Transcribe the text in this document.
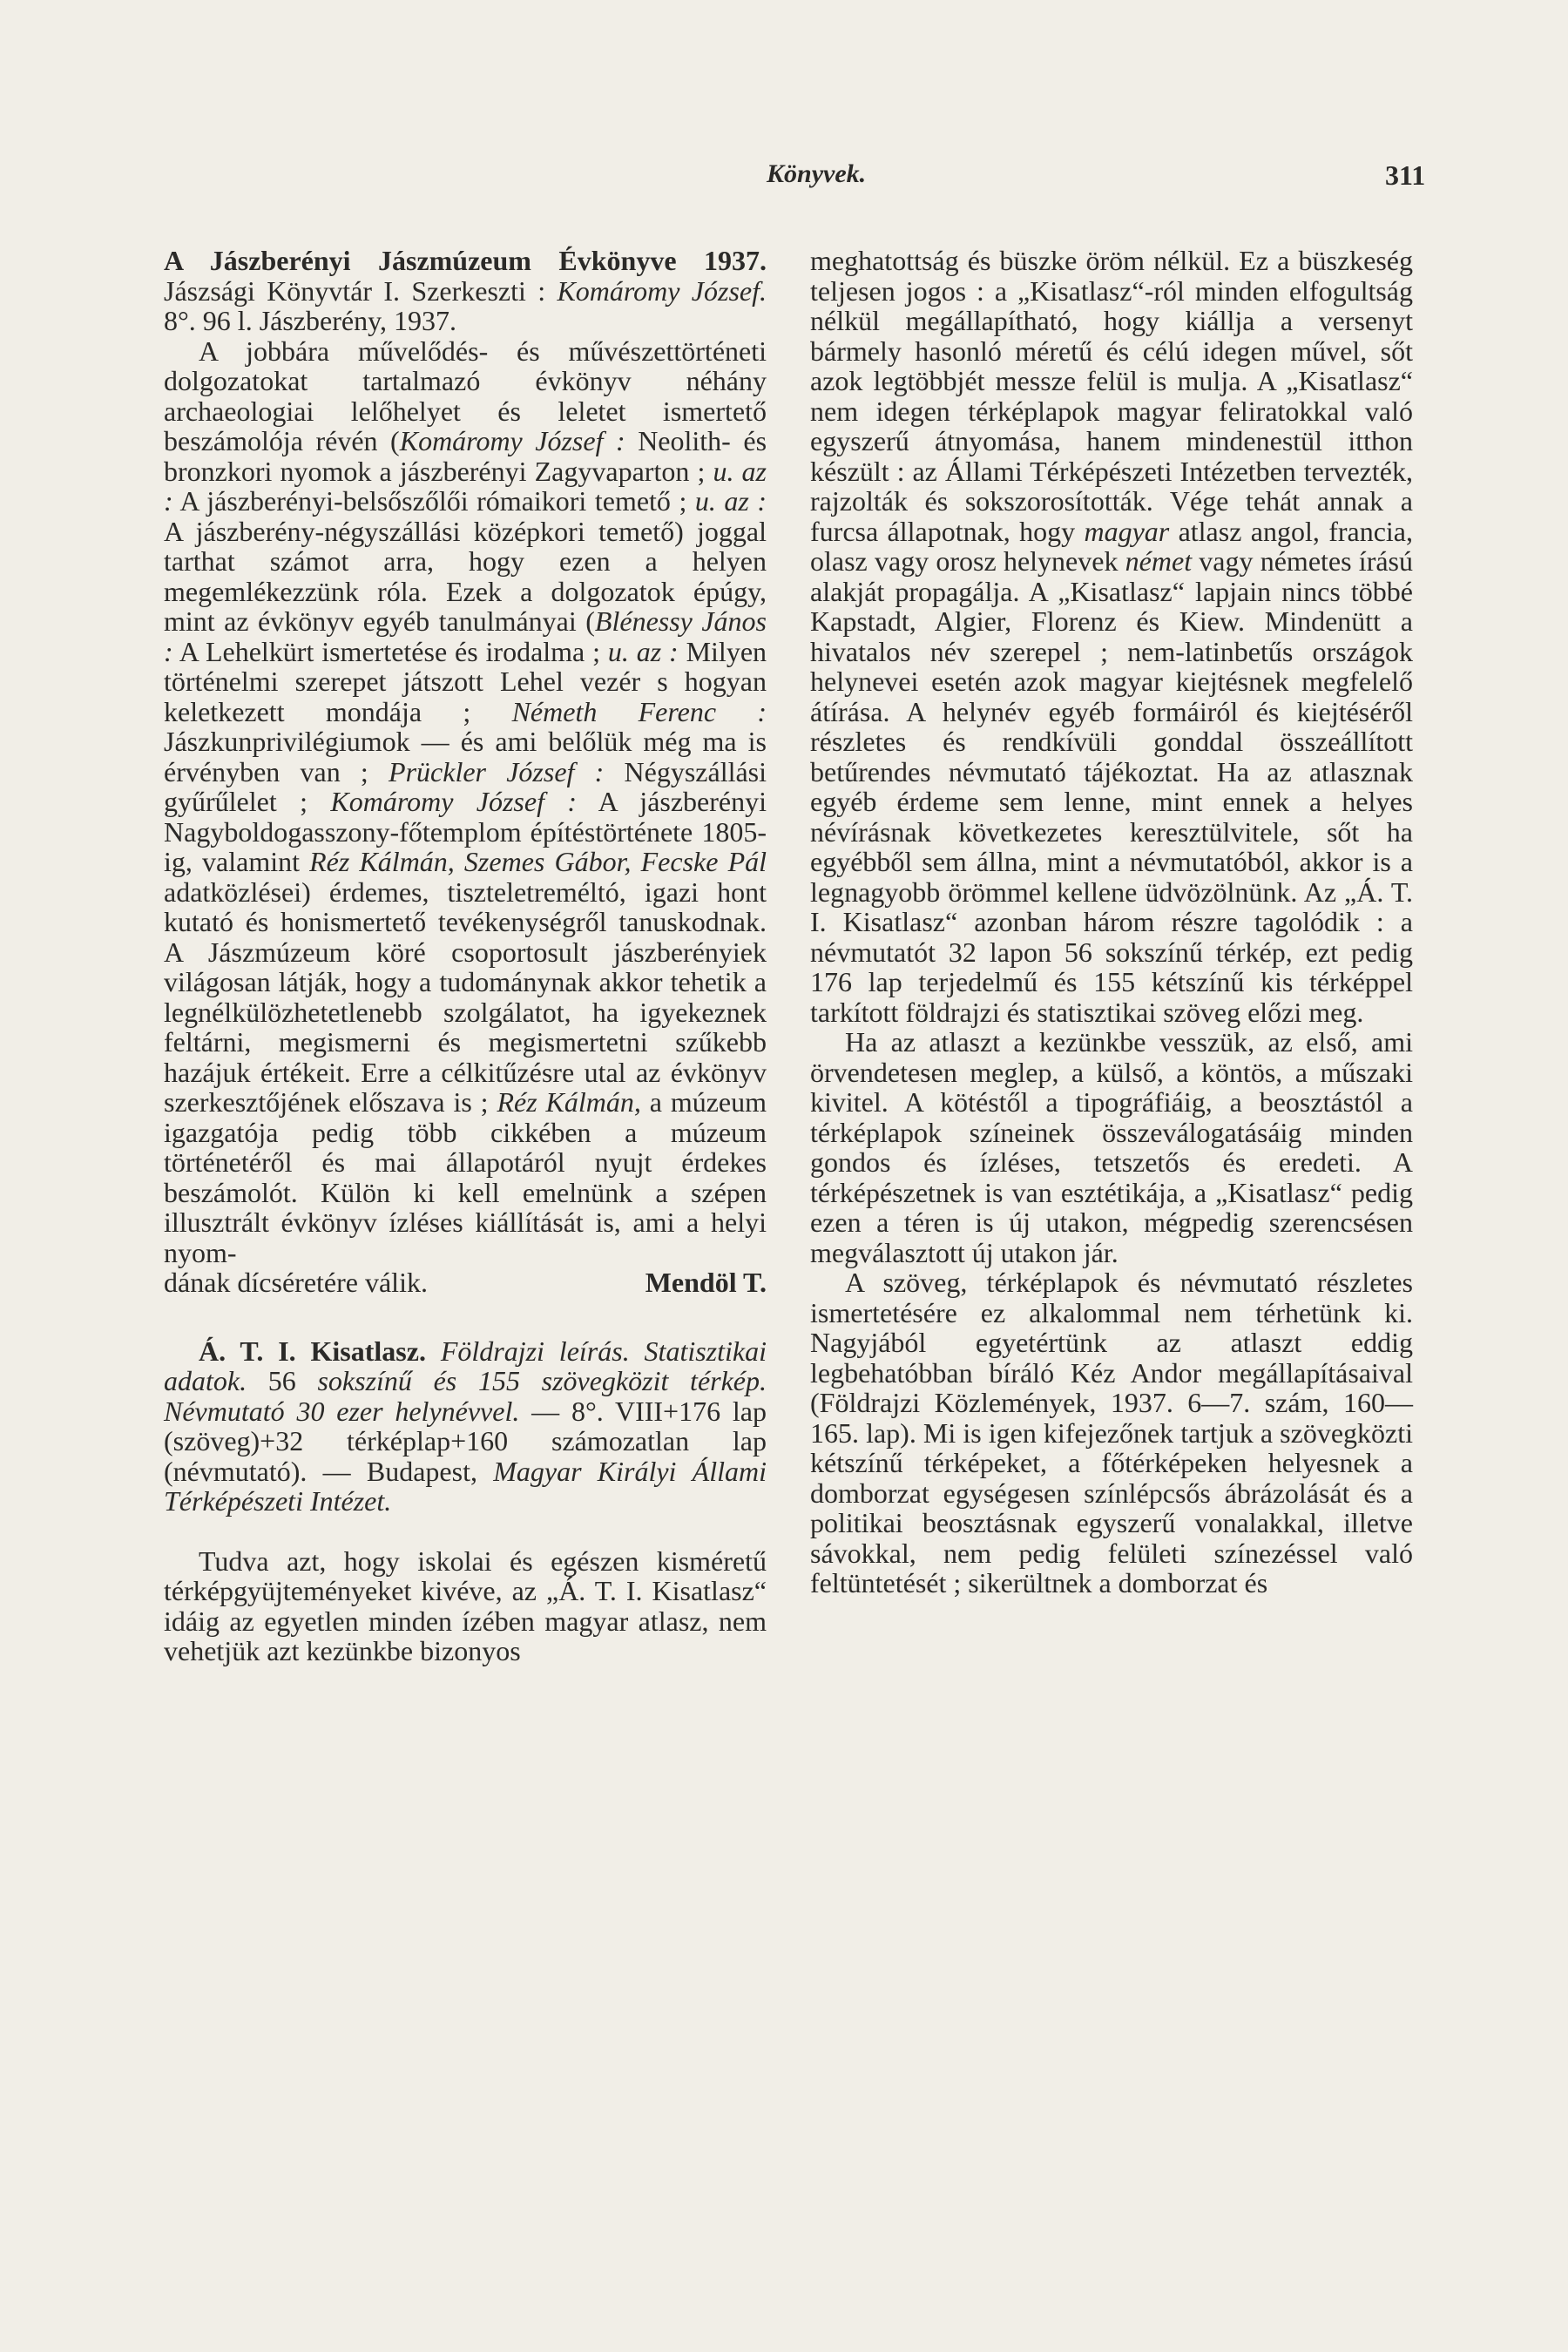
Könyvek.	311

A Jászberényi Jászmúzeum Évkönyve 1937. Jászsági Könyvtár I. Szerkeszti : Komáromy József. 8°. 96 l. Jászberény, 1937.

A jobbára művelődés- és művészettörténeti dolgozatokat tartalmazó évkönyv néhány archaeologiai lelőhelyet és leletet ismertető beszámolója révén (Komáromy József : Neolith- és bronzkori nyomok a jászberényi Zagyvaparton ; u. az : A jászberényi-belsőszőlői rómaikori temető ; u. az : A jászberény-négyszállási középkori temető) joggal tarthat számot arra, hogy ezen a helyen megemlékezzünk róla. Ezek a dolgozatok épúgy, mint az évkönyv egyéb tanulmányai (Blénessy János : A Lehelkürt ismertetése és irodalma ; u. az : Milyen történelmi szerepet játszott Lehel vezér s hogyan keletkezett mondája ; Németh Ferenc : Jászkunprivilégiumok — és ami belőlük még ma is érvényben van ; Prückler József : Négyszállási gyűrűlelet ; Komáromy József : A jászberényi Nagyboldogasszony-főtemplom építéstörténete 1805-ig, valamint Réz Kálmán, Szemes Gábor, Fecske Pál adatközlései) érdemes, tiszteletreméltó, igazi hont kutató és honismertető tevékenységről tanuskodnak. A Jászmúzeum köré csoportosult jászberényiek világosan látják, hogy a tudománynak akkor tehetik a legnélkülözhetetlenebb szolgálatot, ha igyekeznek feltárni, megismerni és megismertetni szűkebb hazájuk értékeit. Erre a célkitűzésre utal az évkönyv szerkesztőjének előszava is ; Réz Kálmán, a múzeum igazgatója pedig több cikkében a múzeum történetéről és mai állapotáról nyujt érdekes beszámolót. Külön ki kell emelnünk a szépen illusztrált évkönyv ízléses kiállítását is, ami a helyi nyom-

dának dícséretére válik.	Mendöl T.

Á. T. I. Kisatlasz. Földrajzi leírás. Statisztikai adatok. 56 sokszínű és 155 szövegközit térkép. Névmutató 30 ezer helynévvel. — 8°. VIII+176 lap (szöveg)+32 térképlap+160 számozatlan lap (névmutató). — Budapest, Magyar Királyi Állami Térképészeti Intézet.

Tudva azt, hogy iskolai és egészen kisméretű térképgyüjteményeket kivéve, az „Á. T. I. Kisatlasz“ idáig az egyetlen minden ízében magyar atlasz, nem vehetjük azt kezünkbe bizonyos

meghatottság és büszke öröm nélkül. Ez a büszkeség teljesen jogos : a „Kisatlasz“-ról minden elfogultság nélkül megállapítható, hogy kiállja a versenyt bármely hasonló méretű és célú idegen művel, sőt azok legtöbbjét messze felül is mulja. A „Kisatlasz“ nem idegen térképlapok magyar feliratokkal való egyszerű átnyomása, hanem mindenestül itthon készült : az Állami Térképészeti Intézetben tervezték, rajzolták és sokszorosították. Vége tehát annak a furcsa állapotnak, hogy magyar atlasz angol, francia, olasz vagy orosz helynevek német vagy németes írású alakját propagálja. A „Kisatlasz“ lapjain nincs többé Kapstadt, Algier, Florenz és Kiew. Mindenütt a hivatalos név szerepel ; nem-latinbetűs országok helynevei esetén azok magyar kiejtésnek megfelelő átírása. A helynév egyéb formáiról és kiejtéséről részletes és rendkívüli gonddal összeállított betűrendes névmutató tájékoztat. Ha az atlasznak egyéb érdeme sem lenne, mint ennek a helyes névírásnak következetes keresztülvitele, sőt ha egyébből sem állna, mint a névmutatóból, akkor is a legnagyobb örömmel kellene üdvözölnünk. Az „Á. T. I. Kisatlasz“ azonban három részre tagolódik : a névmutatót 32 lapon 56 sokszínű térkép, ezt pedig 176 lap terjedelmű és 155 kétszínű kis térképpel tarkított földrajzi és statisztikai szöveg előzi meg.

Ha az atlaszt a kezünkbe vesszük, az első, ami örvendetesen meglep, a külső, a köntös, a műszaki kivitel. A kötéstől a tipográfiáig, a beosztástól a térképlapok színeinek összeválogatásáig minden gondos és ízléses, tetszetős és eredeti. A térképészetnek is van esztétikája, a „Kisatlasz“ pedig ezen a téren is új utakon, mégpedig szerencsésen megválasztott új utakon jár.

A szöveg, térképlapok és névmutató részletes ismertetésére ez alkalommal nem térhetünk ki. Nagyjából egyetértünk az atlaszt eddig legbehatóbban bíráló Kéz Andor megállapításaival (Földrajzi Közlemények, 1937. 6—7. szám, 160—165. lap). Mi is igen kifejezőnek tartjuk a szövegközti kétszínű térképeket, a főtérképeken helyesnek a domborzat egységesen színlépcsős ábrázolását és a politikai beosztásnak egyszerű vonalakkal, illetve sávokkal, nem pedig felületi színezéssel való feltüntetését ; sikerültnek a domborzat és
